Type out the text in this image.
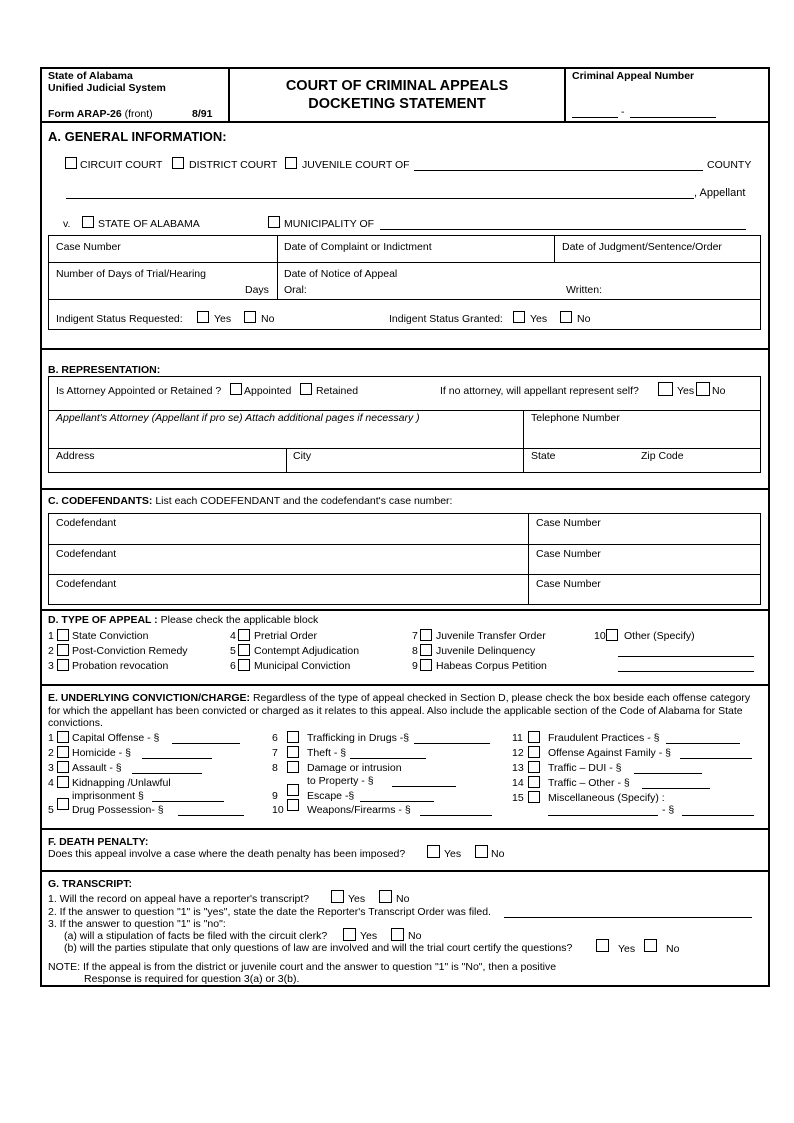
State of Alabama
Unified Judicial System
Form ARAP-26 (front)	8/91
COURT OF CRIMINAL APPEALS
DOCKETING STATEMENT
Criminal Appeal Number
-
A. GENERAL INFORMATION:
CIRCUIT COURT	DISTRICT COURT JUVENILE COURT OF	COUNTY
, Appellant
v.	STATE OF ALABAMA	MUNICIPALITY OF
Case Number	Date of Complaint or Indictment	Date of Judgment/Sentence/Order
Number of Days of Trial/Hearing
Days
Date of Notice of Appeal
Oral:	Written:
Indigent Status Requested:	Yes	No	Indigent Status Granted:	Yes	No
B. REPRESENTATION:
Is Attorney Appointed or Retained ? Appointed Retained	If no attorney, will appellant represent self?	Yes No
Appellant's Attorney (Appellant if pro se) Attach additional pages if necessary )	Telephone Number
Address	City	State	Zip Code
C. CODEFENDANTS: List each CODEFENDANT and the codefendant's case number:
Codefendant	Case Number
Codefendant	Case Number
Codefendant	Case Number
D. TYPE OF APPEAL : Please check the applicable block
1 State Conviction
2 Post-Conviction Remedy
3 Probation revocation
4 Pretrial Order
5 Contempt Adjudication
6 Municipal Conviction
7 Juvenile Transfer Order
8 Juvenile Delinquency
9 Habeas Corpus Petition
10 Other (Specify)
E. UNDERLYING CONVICTION/CHARGE: Regardless of the type of appeal checked in Section D, please check the box beside each offense category
for which the appellant has been convicted or charged as it relates to this appeal. Also include the applicable section of the Code of Alabama for State
convictions.
1 Capital Offense - §
2 Homicide - §
3 Assault - §
4 Kidnapping /Unlawful
imprisonment §
5 Drug Possession- §
6	Trafficking in Drugs -§
7	Theft - §
8	Damage or intrusion
to Property - §
9	Escape -§
10 Weapons/Firearms - §
11 Fraudulent Practices - §
12 Offense Against Family - §
13 Traffic – DUI - §
14 Traffic – Other - §
15 Miscellaneous (Specify) :
- §
F. DEATH PENALTY:
Does this appeal involve a case where the death penalty has been imposed?	Yes	No
G. TRANSCRIPT:
1. Will the record on appeal have a reporter's transcript?	Yes	No
2. If the answer to question "1" is "yes", state the date the Reporter's Transcript Order was filed.
3. If the answer to question "1" is "no":
(a) will a stipulation of facts be filed with the circuit clerk?	Yes	No
(b) will the parties stipulate that only questions of law are involved and will the trial court certify the questions?	Yes	No
NOTE: If the appeal is from the district or juvenile court and the answer to question "1" is "No", then a positive
Response is required for question 3(a) or 3(b).
